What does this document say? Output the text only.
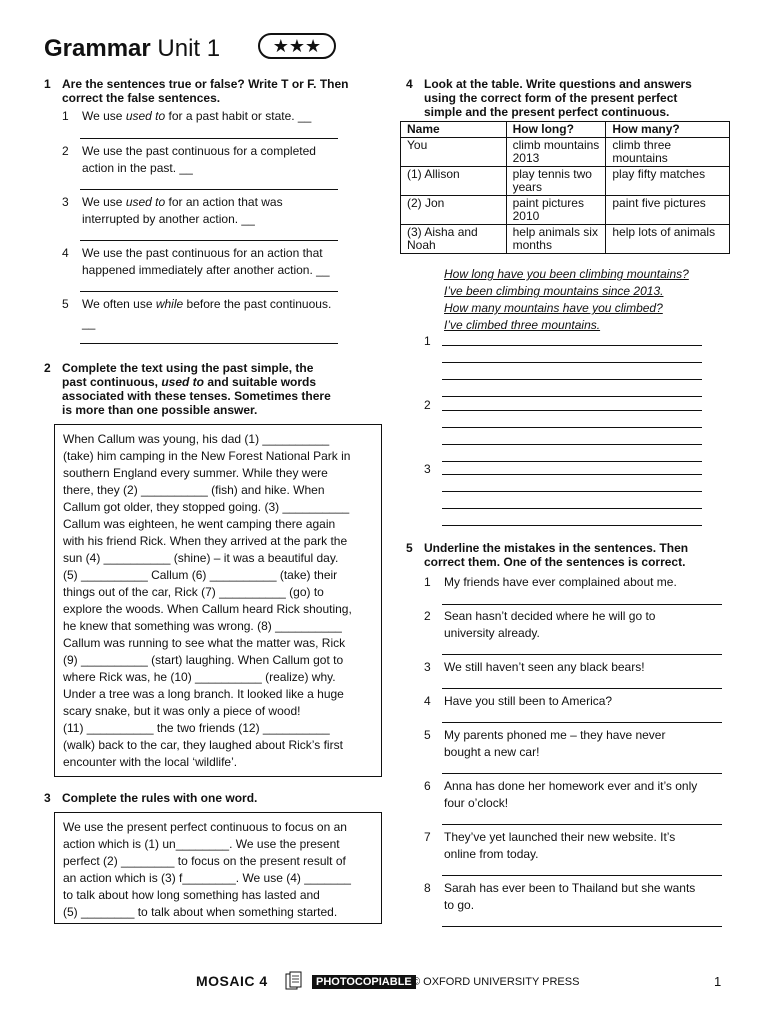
Grammar Unit 1	★★★
1 Are the sentences true or false? Write T or F. Then correct the false sentences.
1 We use used to for a past habit or state. __
2 We use the past continuous for a completed
action in the past. __
3 We use used to for an action that was
interrupted by another action. __
4 We use the past continuous for an action that
happened immediately after another action. __
5 We often use while before the past continuous.
__
2 Complete the text using the past simple, the
past continuous, used to and suitable words
associated with these tenses. Sometimes there
is more than one possible answer.
When Callum was young, his dad (1) __________
(take) him camping in the New Forest National Park in
southern England every summer. While they were
there, they (2) __________ (fish) and hike. When
Callum got older, they stopped going. (3) __________
Callum was eighteen, he went camping there again
with his friend Rick. When they arrived at the park the
sun (4) __________ (shine) – it was a beautiful day.
(5) __________ Callum (6) __________ (take) their
things out of the car, Rick (7) __________ (go) to
explore the woods. When Callum heard Rick shouting,
he knew that something was wrong. (8) __________
Callum was running to see what the matter was, Rick
(9) __________ (start) laughing. When Callum got to
where Rick was, he (10) __________ (realize) why.
Under a tree was a long branch. It looked like a huge
scary snake, but it was only a piece of wood!
(11) __________ the two friends (12) __________
(walk) back to the car, they laughed about Rick’s first
encounter with the local ‘wildlife’.
3 Complete the rules with one word.
We use the present perfect continuous to focus on an
action which is (1) un________. We use the present
perfect (2) ________ to focus on the present result of
an action which is (3) f________. We use (4) _______
to talk about how long something has lasted and
(5) ________ to talk about when something started.
4 Look at the table. Write questions and answers
using the correct form of the present perfect
simple and the present perfect continuous.
Name	How long?	How many?
You	climb mountains 2013	climb three mountains
(1) Allison	play tennis two years	play fifty matches
(2) Jon	paint pictures 2010	paint five pictures
(3) Aisha and Noah	help animals six months	help lots of animals
How long have you been climbing mountains?
I’ve been climbing mountains since 2013.
How many mountains have you climbed?
I’ve climbed three mountains.
1
2
3
5 Underline the mistakes in the sentences. Then
correct them. One of the sentences is correct.
1 My friends have ever complained about me.
2 Sean hasn’t decided where he will go to
university already.
3 We still haven’t seen any black bears!
4 Have you still been to America?
5 My parents phoned me – they have never
bought a new car!
6 Anna has done her homework ever and it’s only
four o’clock!
7 They’ve yet launched their new website. It’s
online from today.
8 Sarah has ever been to Thailand but she wants
to go.
MOSAIC 4	PHOTOCOPIABLE © OXFORD UNIVERSITY PRESS	1
